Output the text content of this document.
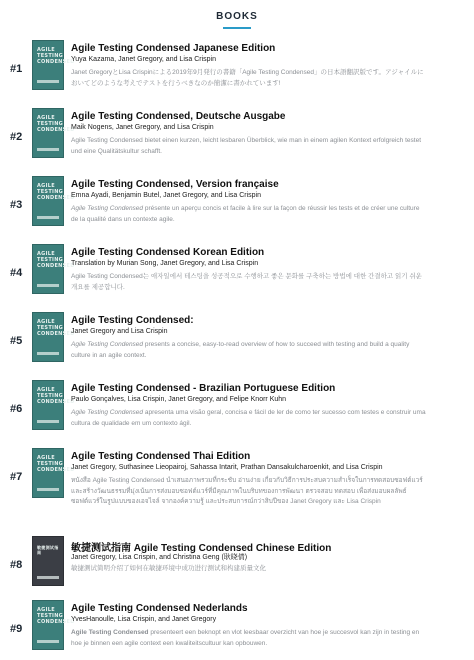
BOOKS
#1
AGILE TESTING CONDENSED
Agile Testing Condensed Japanese Edition
Yuya Kazama, Janet Gregory, and Lisa Crispin
Janet GregoryとLisa Crispinによる2019年9月発行の書籍「Agile Testing Condensed」の日本語翻訳版です。アジャイルにおいてどのような考えでテストを行うべきなのか簡潔に書かれています!
#2
AGILE TESTING CONDENSED
Agile Testing Condensed, Deutsche Ausgabe
Maik Nogens, Janet Gregory, and Lisa Crispin
Agile Testing Condensed bietet einen kurzen, leicht lesbaren Überblick, wie man in einem agilen Kontext erfolgreich testet und eine Qualitätskultur schafft.
#3
AGILE TESTING CONDENSED
Agile Testing Condensed, Version française
Emna Ayadi, Benjamin Butel, Janet Gregory, and Lisa Crispin
Agile Testing Condensed présente un aperçu concis et facile à lire sur la façon de réussir les tests et de créer une culture de la qualité dans un contexte agile.
#4
AGILE TESTING CONDENSED
Agile Testing Condensed Korean Edition
Translation by Murian Song, Janet Gregory, and Lisa Crispin
Agile Testing Condensed는 애자일에서 테스팅을 성공적으로 수행하고 좋은 문화를 구축하는 방법에 대한 간결하고 읽기 쉬운 개요를 제공합니다.
#5
AGILE TESTING CONDENSED
Agile Testing Condensed:
Janet Gregory and Lisa Crispin
Agile Testing Condensed presents a concise, easy-to-read overview of how to succeed with testing and build a quality culture in an agile context.
#6
AGILE TESTING CONDENSED
Agile Testing Condensed - Brazilian Portuguese Edition
Paulo Gonçalves, Lisa Crispin, Janet Gregory, and Felipe Knorr Kuhn
Agile Testing Condensed apresenta uma visão geral, concisa e fácil de ler de como ter sucesso com testes e construir uma cultura de qualidade em um contexto ágil.
#7
AGILE TESTING CONDENSED
Agile Testing Condensed Thai Edition
Janet Gregory, Suthasinee Lieopairoj, Sahassa Intarit, Prathan Dansakulcharoenkit, and Lisa Crispin
หนังสือ Agile Testing Condensed นำเสนอภาพรวมที่กระชับ อ่านง่าย เกี่ยวกับวิธีการประสบความสำเร็จในการทดสอบซอฟต์แวร์ และสร้างวัฒนธรรมที่มุ่งเน้นการส่งมอบซอฟต์แวร์ที่มีคุณภาพในบริบทของการพัฒนา ตรวจสอบ ทดสอบ เพื่อส่งมอบผลลัพธ์ซอฟต์แวร์ในรูปแบบของเอจไจล์ จากองค์ความรู้ และประสบการณ์กว่าสิบปีของ Janet Gregory และ Lisa Crispin
#8
敏捷测试指南	敏捷测试指南 Agile Testing Condensed Chinese Edition
Janet Gregory, Lisa Crispin, and Christina Geng (耿晓倩)
敏捷测试简明介绍了如何在敏捷环境中成功进行测试和构建质量文化
#9
AGILE TESTING CONDENSED
Agile Testing Condensed Nederlands
YvesHanoulle, Lisa Crispin, and Janet Gregory
Agile Testing Condensed presenteert een beknopt en vlot leesbaar overzicht van hoe je succesvol kan zijn in testing en hoe je binnen een agile context een kwaliteitscultuur kan opbouwen.
